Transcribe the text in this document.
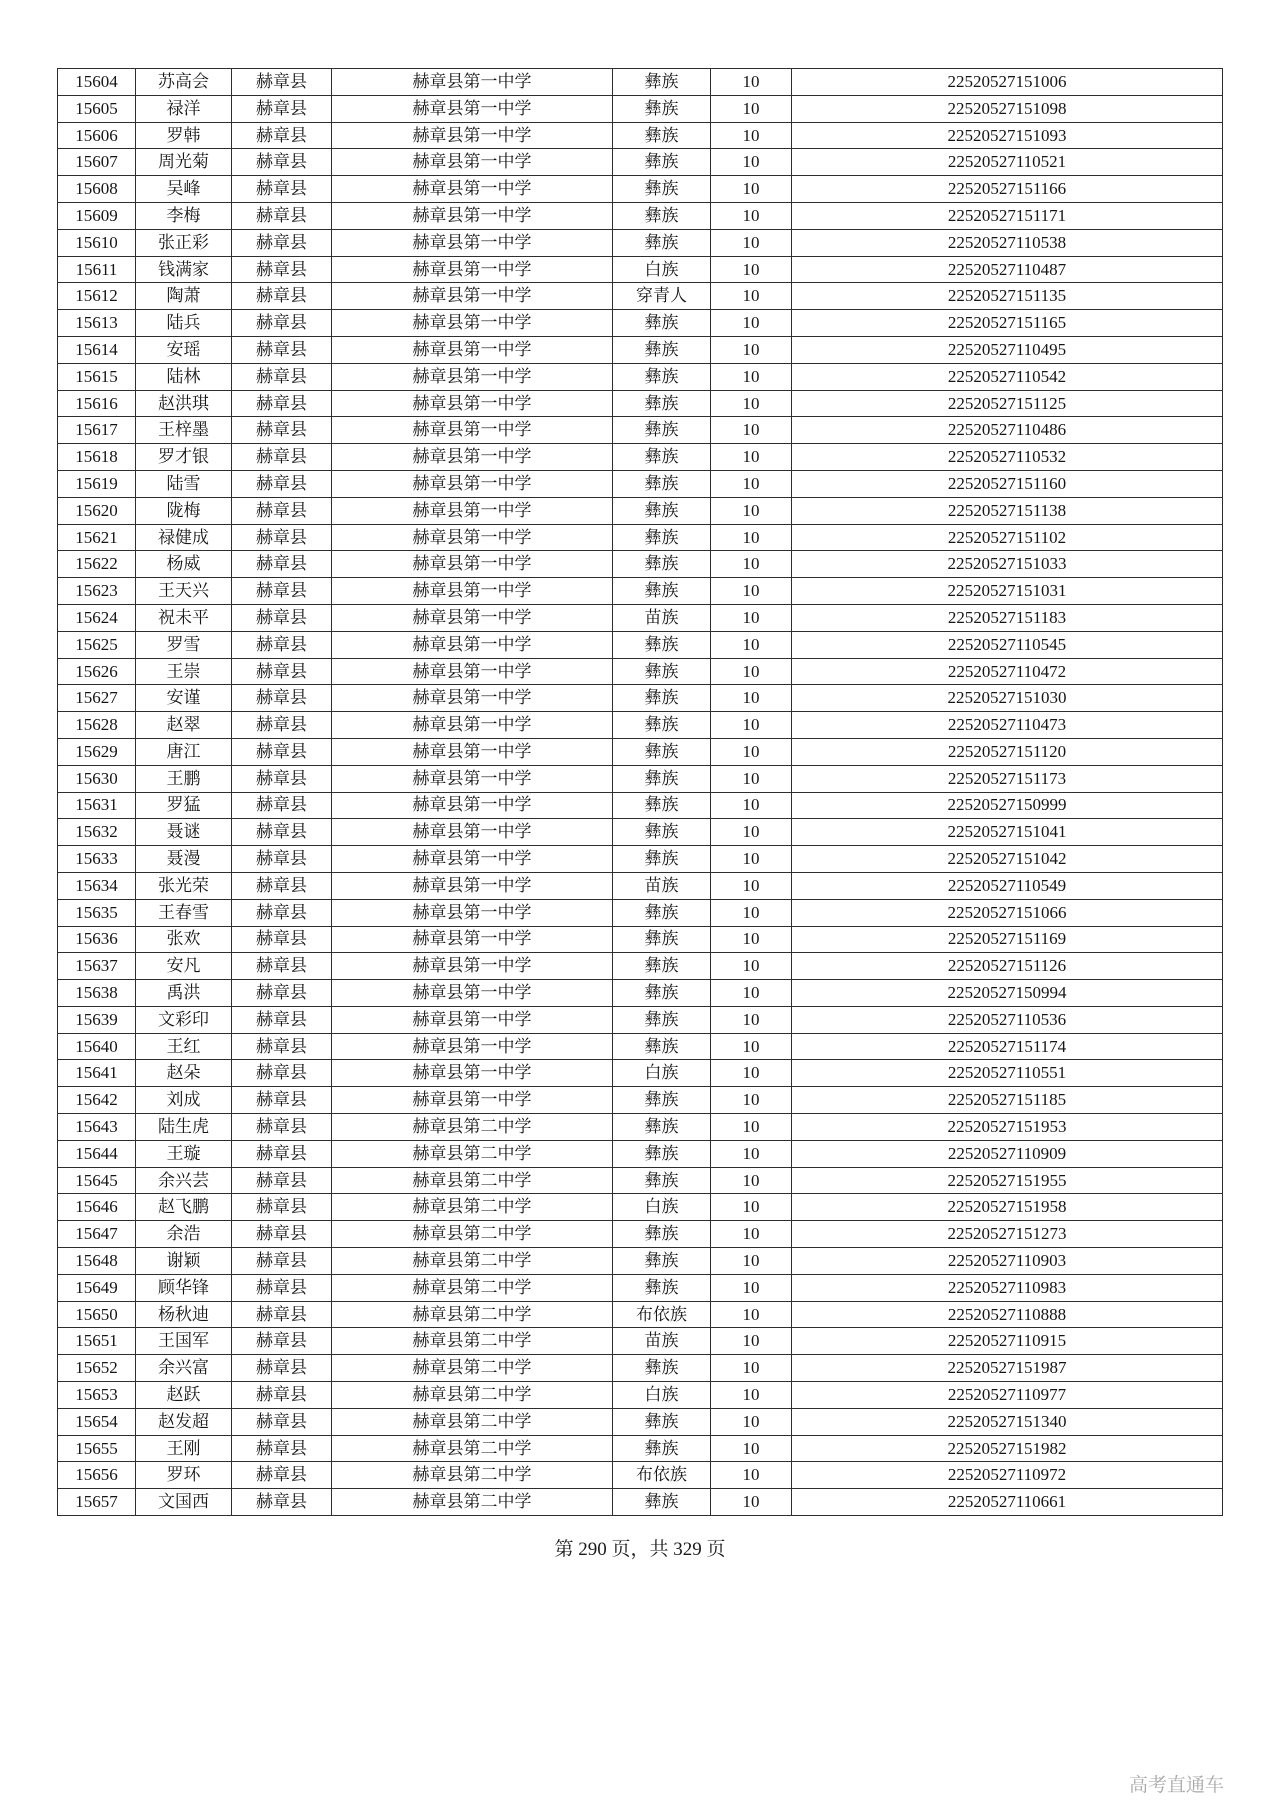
15604	苏高会	赫章县	赫章县第一中学	彝族	10	22520527151006
15605	禄洋	赫章县	赫章县第一中学	彝族	10	22520527151098
15606	罗韩	赫章县	赫章县第一中学	彝族	10	22520527151093
15607	周光菊	赫章县	赫章县第一中学	彝族	10	22520527110521
15608	吴峰	赫章县	赫章县第一中学	彝族	10	22520527151166
15609	李梅	赫章县	赫章县第一中学	彝族	10	22520527151171
15610	张正彩	赫章县	赫章县第一中学	彝族	10	22520527110538
15611	钱满家	赫章县	赫章县第一中学	白族	10	22520527110487
15612	陶萧	赫章县	赫章县第一中学	穿青人	10	22520527151135
15613	陆兵	赫章县	赫章县第一中学	彝族	10	22520527151165
15614	安瑶	赫章县	赫章县第一中学	彝族	10	22520527110495
15615	陆林	赫章县	赫章县第一中学	彝族	10	22520527110542
15616	赵洪琪	赫章县	赫章县第一中学	彝族	10	22520527151125
15617	王梓墨	赫章县	赫章县第一中学	彝族	10	22520527110486
15618	罗才银	赫章县	赫章县第一中学	彝族	10	22520527110532
15619	陆雪	赫章县	赫章县第一中学	彝族	10	22520527151160
15620	陇梅	赫章县	赫章县第一中学	彝族	10	22520527151138
15621	禄健成	赫章县	赫章县第一中学	彝族	10	22520527151102
15622	杨威	赫章县	赫章县第一中学	彝族	10	22520527151033
15623	王天兴	赫章县	赫章县第一中学	彝族	10	22520527151031
15624	祝未平	赫章县	赫章县第一中学	苗族	10	22520527151183
15625	罗雪	赫章县	赫章县第一中学	彝族	10	22520527110545
15626	王崇	赫章县	赫章县第一中学	彝族	10	22520527110472
15627	安谨	赫章县	赫章县第一中学	彝族	10	22520527151030
15628	赵翠	赫章县	赫章县第一中学	彝族	10	22520527110473
15629	唐江	赫章县	赫章县第一中学	彝族	10	22520527151120
15630	王鹏	赫章县	赫章县第一中学	彝族	10	22520527151173
15631	罗猛	赫章县	赫章县第一中学	彝族	10	22520527150999
15632	聂谜	赫章县	赫章县第一中学	彝族	10	22520527151041
15633	聂漫	赫章县	赫章县第一中学	彝族	10	22520527151042
15634	张光荣	赫章县	赫章县第一中学	苗族	10	22520527110549
15635	王春雪	赫章县	赫章县第一中学	彝族	10	22520527151066
15636	张欢	赫章县	赫章县第一中学	彝族	10	22520527151169
15637	安凡	赫章县	赫章县第一中学	彝族	10	22520527151126
15638	禹洪	赫章县	赫章县第一中学	彝族	10	22520527150994
15639	文彩印	赫章县	赫章县第一中学	彝族	10	22520527110536
15640	王红	赫章县	赫章县第一中学	彝族	10	22520527151174
15641	赵朵	赫章县	赫章县第一中学	白族	10	22520527110551
15642	刘成	赫章县	赫章县第一中学	彝族	10	22520527151185
15643	陆生虎	赫章县	赫章县第二中学	彝族	10	22520527151953
15644	王璇	赫章县	赫章县第二中学	彝族	10	22520527110909
15645	余兴芸	赫章县	赫章县第二中学	彝族	10	22520527151955
15646	赵飞鹏	赫章县	赫章县第二中学	白族	10	22520527151958
15647	余浩	赫章县	赫章县第二中学	彝族	10	22520527151273
15648	谢颖	赫章县	赫章县第二中学	彝族	10	22520527110903
15649	顾华锋	赫章县	赫章县第二中学	彝族	10	22520527110983
15650	杨秋迪	赫章县	赫章县第二中学	布依族	10	22520527110888
15651	王国军	赫章县	赫章县第二中学	苗族	10	22520527110915
15652	余兴富	赫章县	赫章县第二中学	彝族	10	22520527151987
15653	赵跃	赫章县	赫章县第二中学	白族	10	22520527110977
15654	赵发超	赫章县	赫章县第二中学	彝族	10	22520527151340
15655	王刚	赫章县	赫章县第二中学	彝族	10	22520527151982
15656	罗环	赫章县	赫章县第二中学	布依族	10	22520527110972
15657	文国西	赫章县	赫章县第二中学	彝族	10	22520527110661
第 290 页，共 329 页
高考直通车
